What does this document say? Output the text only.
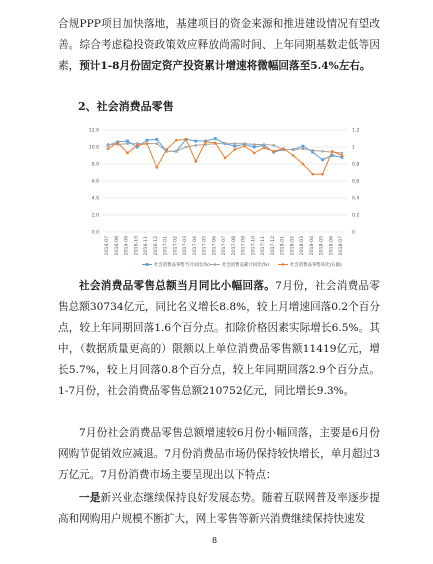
合规PPP项目加快落地，基建项目的资金来源和推进建设情况有望改善。综合考虑稳投资政策效应释放尚需时间、上年同期基数走低等因素，预计1-8月份固定资产投资累计增速将微幅回落至5.4%左右。

2、社会消费品零售
0.0
2.0
4.0
6.0
8.0
10.0
12.0
0
0.2
0.4
0.6
0.8
1
1.2
2016-07 2016-08 2016-09 2016-10 2016-11 2016-12 2017-01 2017-02 2017-03 2017-04 2017-05 2017-06 2017-07 2017-08 2017-09 2017-10 2017-11 2017-12 2018-01 2018-02 2018-03 2018-04 2018-05 2018-06 2018-07
社会消费品零售当月同比(%)	社会消费品累计同比(%)	社会消费品零售环比(右轴)

社会消费品零售总额当月同比小幅回落。7月份，社会消费品零售总额30734亿元，同比名义增长8.8%，较上月增速回落0.2个百分点，较上年同期回落1.6个百分点。扣除价格因素实际增长6.5%。其中，（数据质量更高的）限额以上单位消费品零售额11419亿元，增长5.7%，较上月回落0.8个百分点，较上年同期回落2.9个百分点。1-7月份，社会消费品零售总额210752亿元，同比增长9.3%。

7月份社会消费品零售总额增速较6月份小幅回落，主要是6月份网购节促销效应减退。7月份消费品市场仍保持较快增长，单月超过3万亿元。7月份消费市场主要呈现出以下特点：

一是新兴业态继续保持良好发展态势。随着互联网普及率逐步提高和网购用户规模不断扩大，网上零售等新兴消费继续保持快速发

8
